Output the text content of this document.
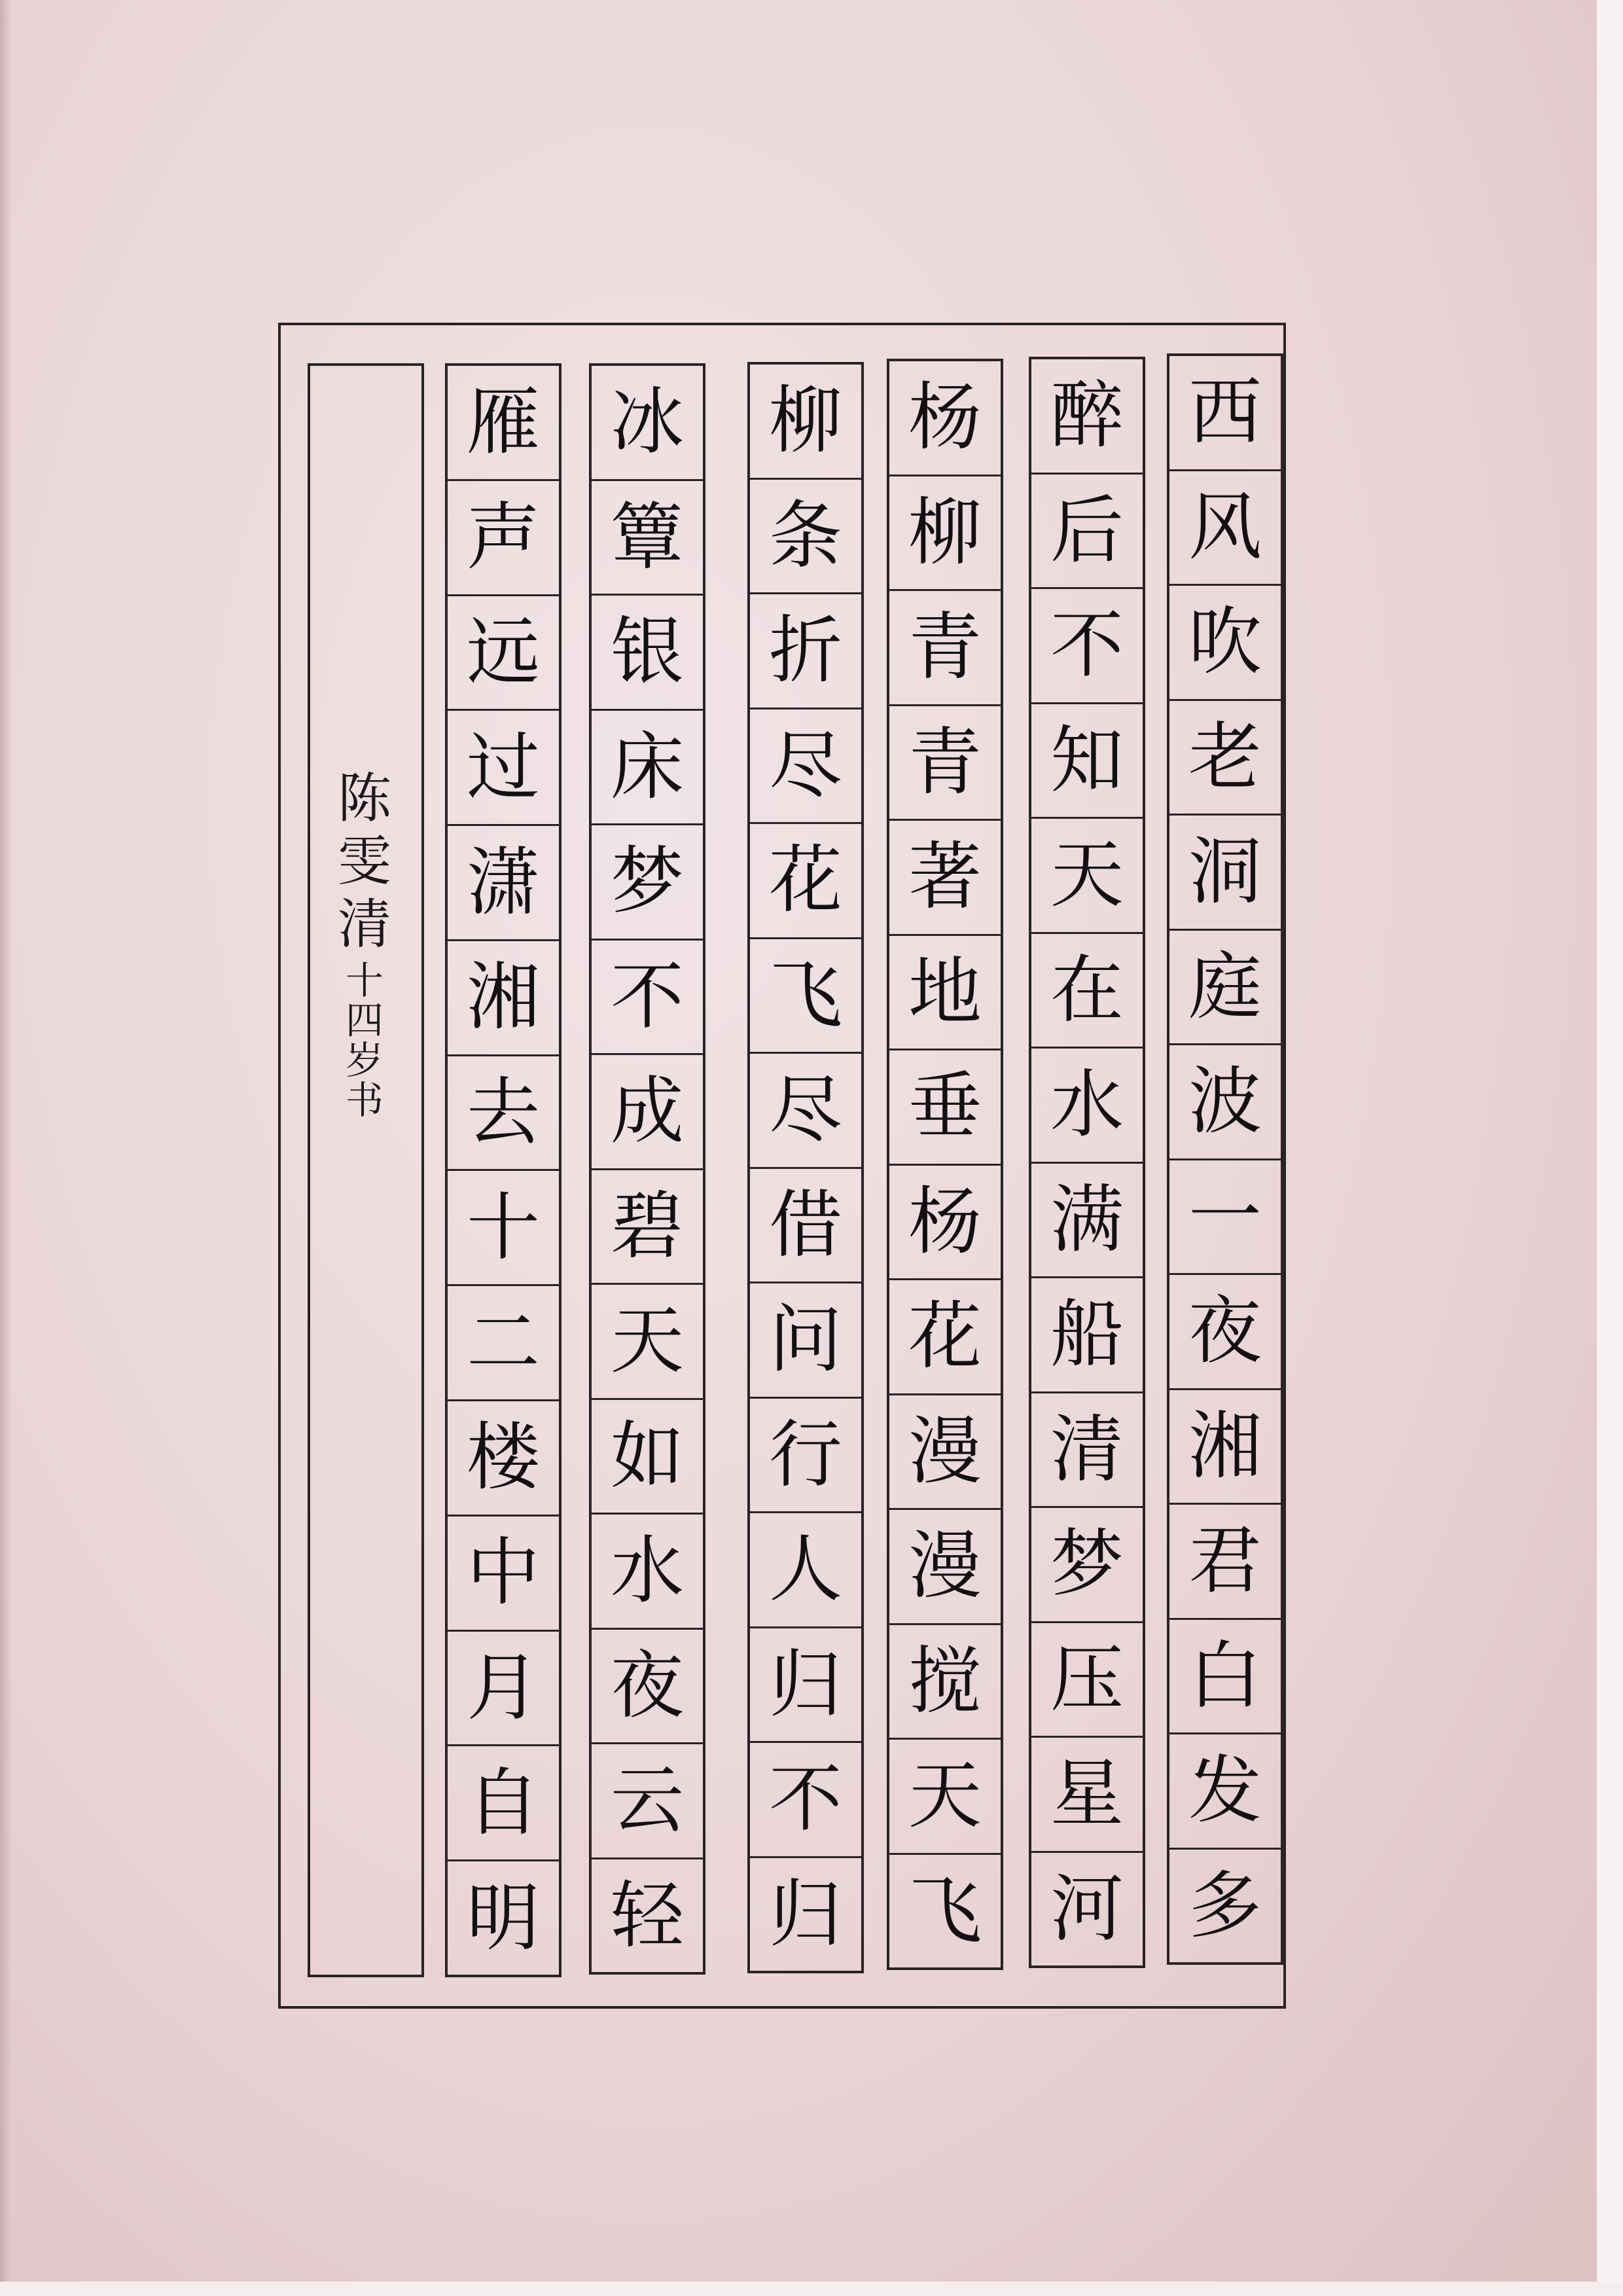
陈
雯
清
十
四
岁
书
西
风
吹
老
洞
庭
波
一
夜
湘
君
白
发
多
醉
后
不
知
天
在
水
满
船
清
梦
压
星
河
杨
柳
青
青
著
地
垂
杨
花
漫
漫
搅
天
飞
柳
条
折
尽
花
飞
尽
借
问
行
人
归
不
归
冰
簟
银
床
梦
不
成
碧
天
如
水
夜
云
轻
雁
声
远
过
潇
湘
去
十
二
楼
中
月
自
明
